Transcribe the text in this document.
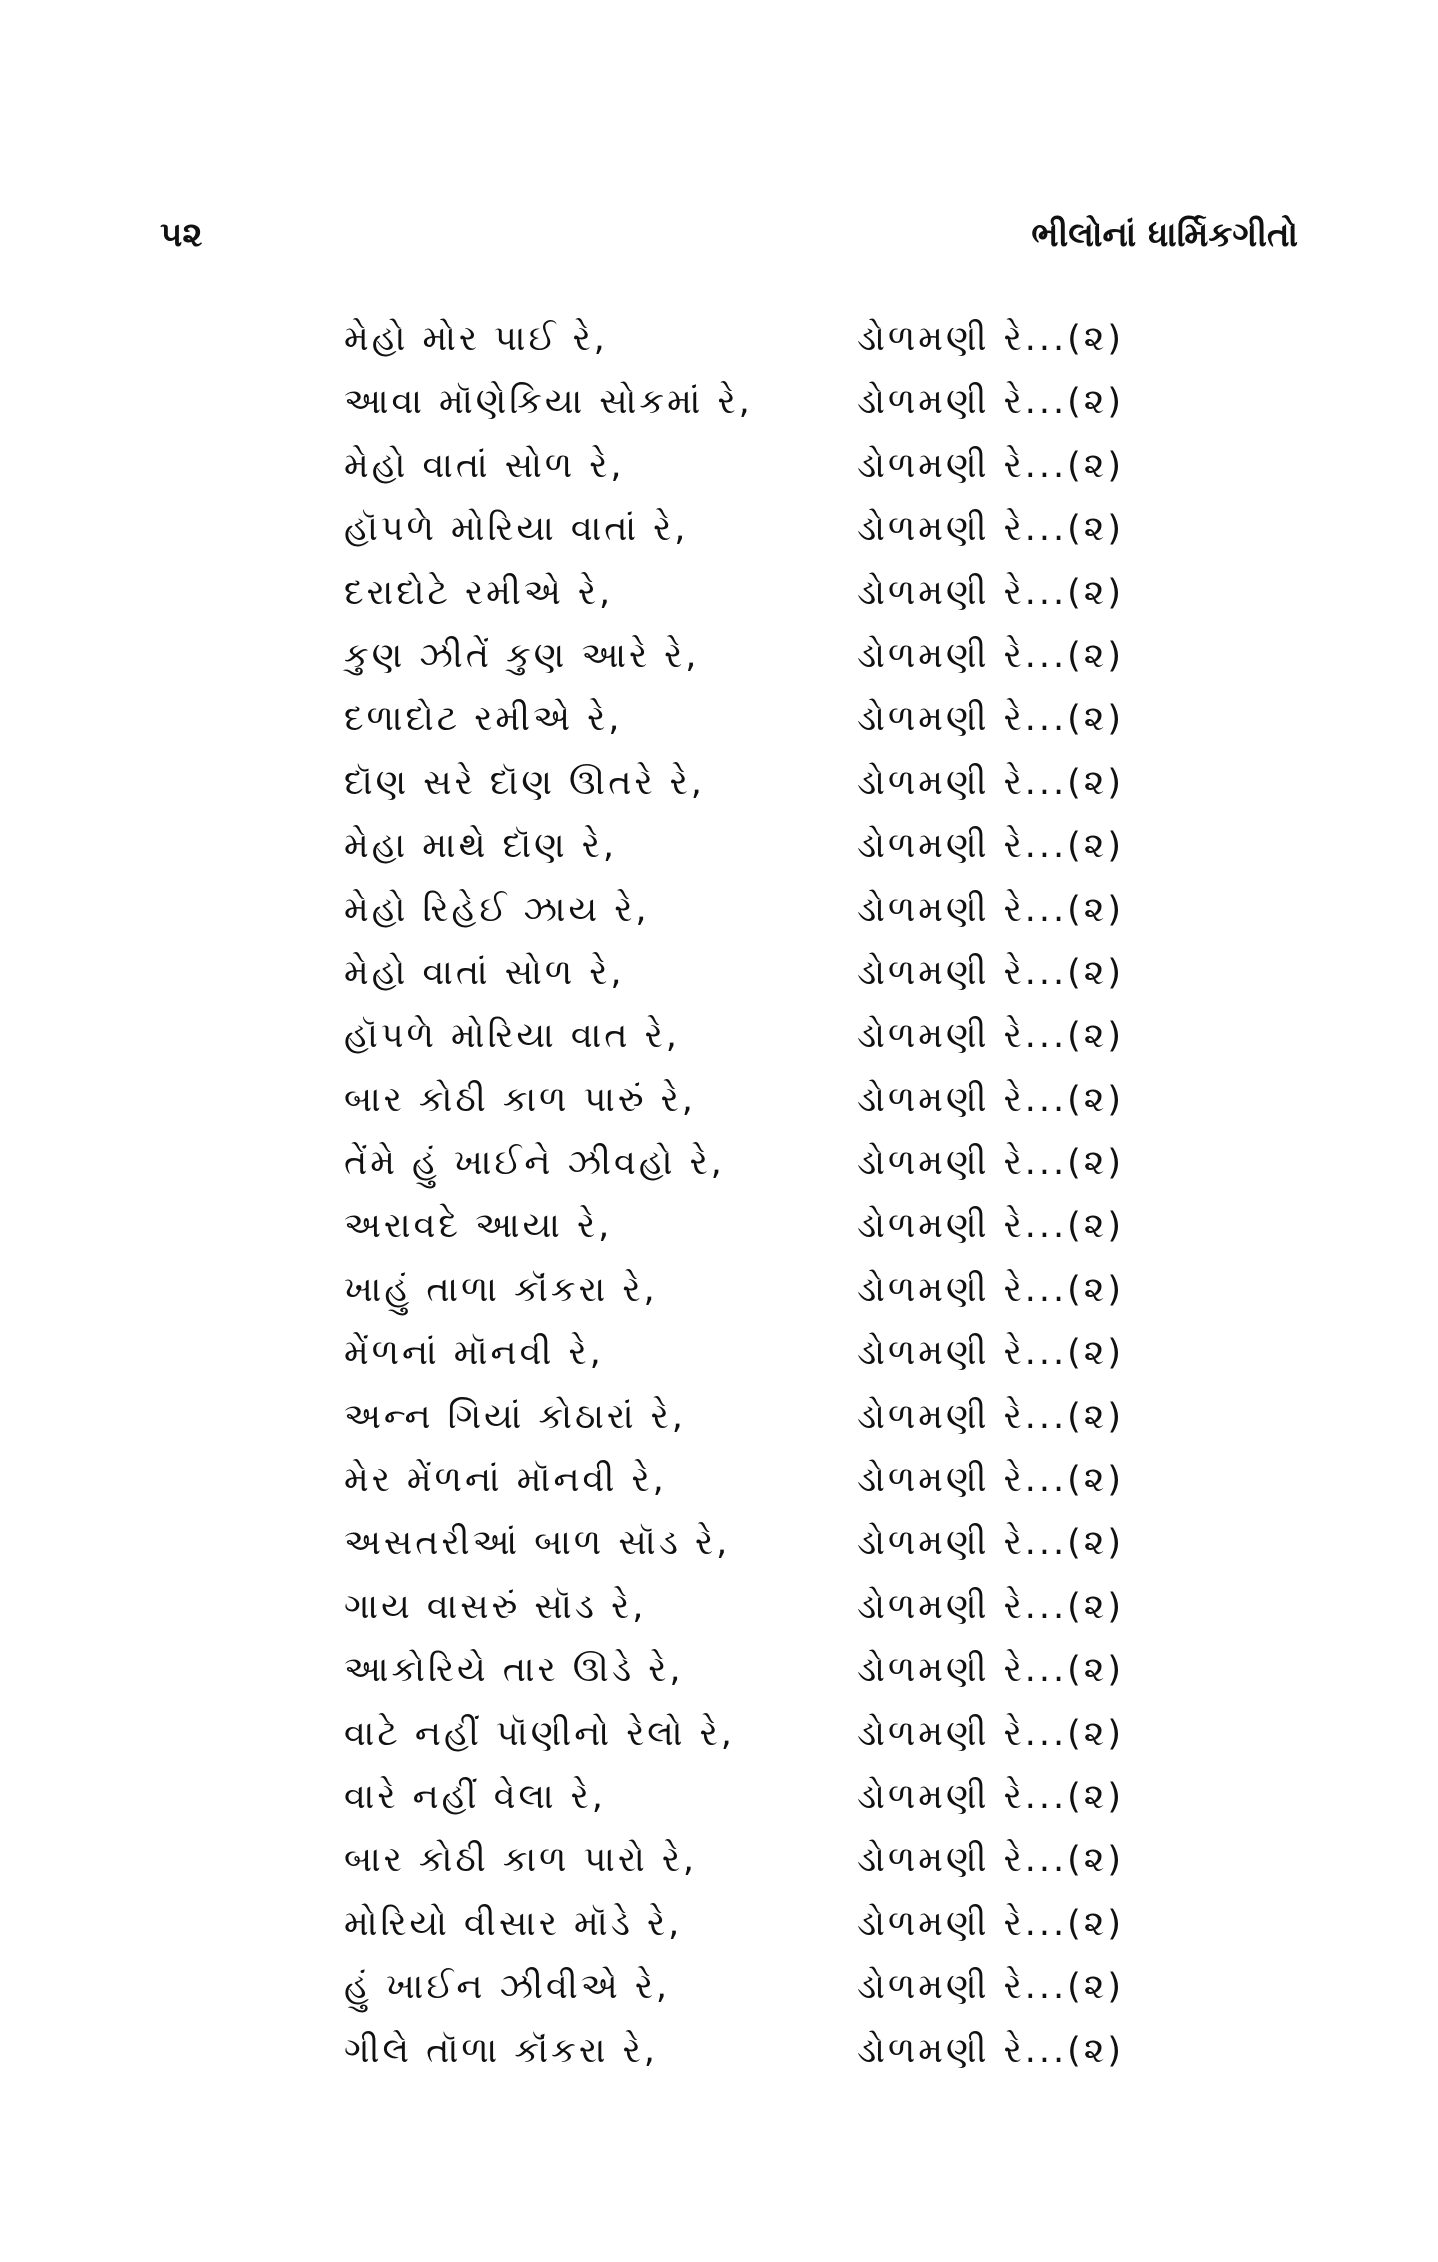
૫૨	ભીલોનાં ધાર્મિકગીતો
મેહો મોર પાઈ રે,	ડોળમણી રે...(૨)
આવા મૉણેકિયા સોકમાં રે,	ડોળમણી રે...(૨)
મેહો વાતાં સોળ રે,	ડોળમણી રે...(૨)
હૉપળે મોરિયા વાતાં રે,	ડોળમણી રે...(૨)
દરાદોટે રમીએ રે,	ડોળમણી રે...(૨)
કુણ ઝીતેં કુણ આરે રે,	ડોળમણી રે...(૨)
દળાદોટ રમીએ રે,	ડોળમણી રે...(૨)
દૉણ સરે દૉણ ઊતરે રે,	ડોળમણી રે...(૨)
મેહા માથે દૉણ રે,	ડોળમણી રે...(૨)
મેહો રિહેઈ ઝાય રે,	ડોળમણી રે...(૨)
મેહો વાતાં સોળ રે,	ડોળમણી રે...(૨)
હૉપળે મોરિયા વાત રે,	ડોળમણી રે...(૨)
બાર કોઠી કાળ પારું રે,	ડોળમણી રે...(૨)
તેંમે હું ખાઈને ઝીવહો રે,	ડોળમણી રે...(૨)
અરાવદે આયા રે,	ડોળમણી રે...(૨)
ખાહું તાળા કૉંકરા રે,	ડોળમણી રે...(૨)
મેંળનાં મૉનવી રે,	ડોળમણી રે...(૨)
અન્ન ગિયાં કોઠારાં રે,	ડોળમણી રે...(૨)
મેર મેંળનાં મૉનવી રે,	ડોળમણી રે...(૨)
અસતરીઆં બાળ સૉડ રે,	ડોળમણી રે...(૨)
ગાય વાસરું સૉડ રે,	ડોળમણી રે...(૨)
આકોરિયે તાર ઊડે રે,	ડોળમણી રે...(૨)
વાટે નહીં પૉણીનો રેલો રે,	ડોળમણી રે...(૨)
વારે નહીં વેલા રે,	ડોળમણી રે...(૨)
બાર કોઠી કાળ પારો રે,	ડોળમણી રે...(૨)
મોરિયો વીસાર મૉડે રે,	ડોળમણી રે...(૨)
હું ખાઈન ઝીવીએ રે,	ડોળમણી રે...(૨)
ગીલે તૉળા કૉંકરા રે,	ડોળમણી રે...(૨)
